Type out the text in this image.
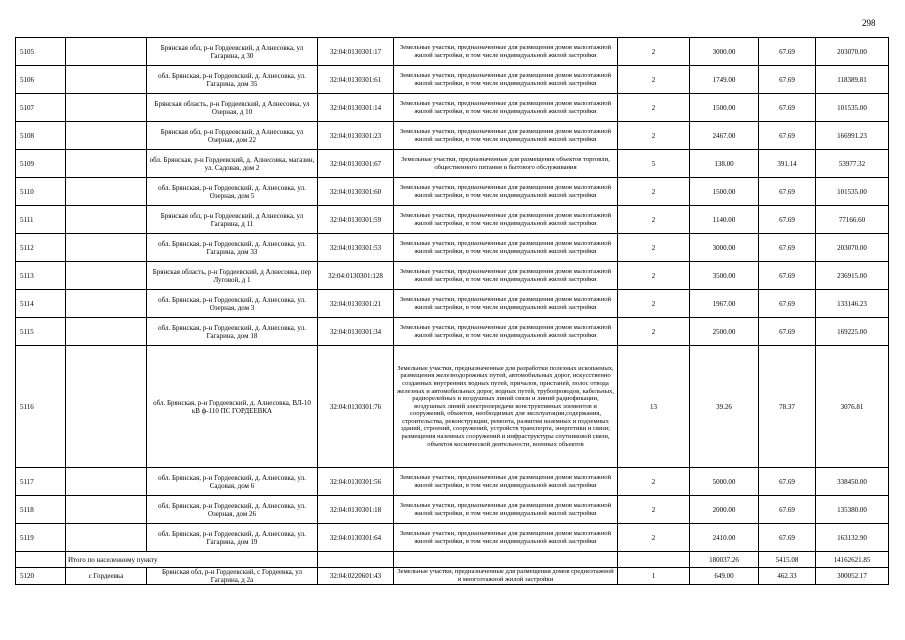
298
5105		Брянская обл, р-н Гордеевский, д Алнесовка, ул Гагарина, д 30	32:04:0130301:17	Земельные участки, предназначенные для размещения домов малоэтажной жилой застройки, в том числе индивидуальной жилой застройки	2	3000.00	67.69	203070.00
5106		обл. Брянская, р-н Гордеевский, д. Алнесовка, ул. Гагарина, дом 35	32:04:0130301:61	Земельные участки, предназначенные для размещения домов малоэтажной жилой застройки, в том числе индивидуальной жилой застройки	2	1749.00	67.69	118389.81
5107		Брянская область, р-н Гордеевский, д Алнесовка, ул Озерная, д 10	32:04:0130301:14	Земельные участки, предназначенные для размещения домов малоэтажной жилой застройки, в том числе индивидуальной жилой застройки	2	1500.00	67.69	101535.00
5108		Брянская обл, р-н Гордеевский, д Алнесовка, ул Озерная, дом 22	32:04:0130301:23	Земельные участки, предназначенные для размещения домов малоэтажной жилой застройки, в том числе индивидуальной жилой застройки	2	2467.00	67.69	166991.23
5109		обл. Брянская, р-н Гордеевский, д. Алнесовка, магазин, ул. Садовая, дом 2	32:04:0130301:67	Земельные участки, предназначенные для размещения объектов торговли, общественного питания и бытового обслуживания	5	138.00	391.14	53977.32
5110		обл. Брянская, р-н Гордеевский, д. Алнесовка, ул. Озерная, дом 5	32:04:0130301:60	Земельные участки, предназначенные для размещения домов малоэтажной жилой застройки, в том числе индивидуальной жилой застройки	2	1500.00	67.69	101535.00
5111		Брянская обл, р-н Гордеевский, д Алнесовка, ул Гагарина, д 11	32:04:0130301:59	Земельные участки, предназначенные для размещения домов малоэтажной жилой застройки, в том числе индивидуальной жилой застройки	2	1140.00	67.69	77166.60
5112		обл. Брянская, р-н Гордеевский, д. Алнесовка, ул. Гагарина, дом 33	32:04:0130301:53	Земельные участки, предназначенные для размещения домов малоэтажной жилой застройки, в том числе индивидуальной жилой застройки	2	3000.00	67.69	203070.00
5113		Брянская область, р-н Гордеевский, д Алнесовка, пер Луговой, д 1	32:04:0130301:128	Земельные участки, предназначенные для размещения домов малоэтажной жилой застройки, в том числе индивидуальной жилой застройки	2	3500.00	67.69	236915.00
5114		обл. Брянская, р-н Гордеевский, д. Алнесовка, ул. Озерная, дом 3	32:04:0130301:21	Земельные участки, предназначенные для размещения домов малоэтажной жилой застройки, в том числе индивидуальной жилой застройки	2	1967.00	67.69	133146.23
5115		обл. Брянская, р-н Гордеевский, д. Алнесовка, ул. Гагарина, дом 18	32:04:0130301:34	Земельные участки, предназначенные для размещения домов малоэтажной жилой застройки, в том числе индивидуальной жилой застройки	2	2500.00	67.69	169225.00
5116		обл. Брянская, р-н Гордеевский, д. Алнесовка, ВЛ-10 кВ ф-110 ПС ГОРДЕЕВКА	32:04:0130301:76	Земельные участки, предназначенные для разработки полезных ископаемых, размещения железнодорожных путей, автомобильных дорог, искусственно созданных внутренних водных путей, причалов, пристаней, полос отвода железных и автомобильных дорог, водных путей, трубопроводов, кабельных, радиорелейных и воздушных линий связи и линий радиофикации, воздушных линий электропередачи конструктивных элементов и сооружений, объектов, необходимых для эксплуатации,содержания, строительства, реконструкции, ремонта, развития наземных и подземных зданий, строений, сооружений, устройств транспорта, энергетики и связи; размещения наземных сооружений и инфраструктуры спутниковой связи, объектов космической деятельности, военных объектов	13	39.26	78.37	3076.81
5117		обл. Брянская, р-н Гордеевский, д. Алнесовка, ул. Садовая, дом 6	32:04:0130301:56	Земельные участки, предназначенные для размещения домов малоэтажной жилой застройки, в том числе индивидуальной жилой застройки	2	5000.00	67.69	338450.00
5118		обл. Брянская, р-н Гордеевский, д. Алнесовка, ул. Озерная, дом 26	32:04:0130301:18	Земельные участки, предназначенные для размещения домов малоэтажной жилой застройки, в том числе индивидуальной жилой застройки	2	2000.00	67.69	135380.00
5119		обл. Брянская, р-н Гордеевский, д. Алнесовка, ул. Гагарина, дом 19	32:04:0130301:64	Земельные участки, предназначенные для размещения домов малоэтажной жилой застройки, в том числе индивидуальной жилой застройки	2	2410.00	67.69	163132.90
	Итого по населенному пункту					180037.26	5415.08	14162621.85
5120	с Гордеевка	Брянская обл, р-н Гордеевский, с Гордеевка, ул Гагарина, д 2а	32:04:0220601:43	Земельные участки, предназначенные для размещения домов среднеэтажной и многоэтажной жилой застройки	1	649.00	462.33	300052.17
